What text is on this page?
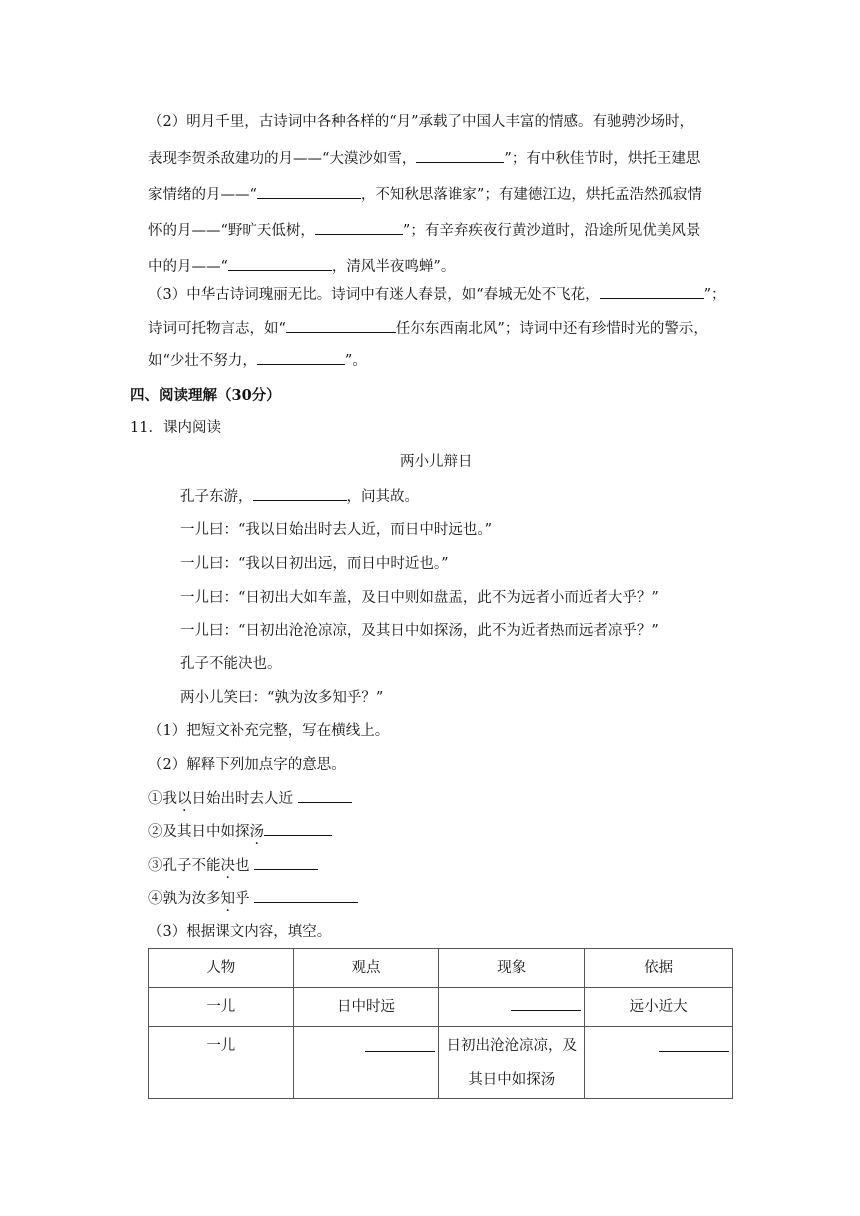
（2）明月千里，古诗词中各种各样的“月”承载了中国人丰富的情感。有驰骋沙场时，
表现李贺杀敌建功的月——“大漠沙如雪，	”；有中秋佳节时，烘托王建思
家情绪的月——“	，不知秋思落谁家”；有建德江边，烘托孟浩然孤寂情
怀的月——“野旷天低树，	”；有辛弃疾夜行黄沙道时，沿途所见优美风景
中的月——“	，清风半夜鸣蝉”。
（3）中华古诗词瑰丽无比。诗词中有迷人春景，如“春城无处不飞花，	”；
诗词可托物言志，如“	任尔东西南北风”；诗词中还有珍惜时光的警示，
如“少壮不努力，	”。
四、阅读理解（30分）
11．课内阅读
两小儿辩日
孔子东游，	，问其故。
一儿曰：“我以日始出时去人近，而日中时远也。”
一儿曰：“我以日初出远，而日中时近也。”
一儿曰：“日初出大如车盖，及日中则如盘盂，此不为远者小而近者大乎？”
一儿曰：“日初出沧沧凉凉，及其日中如探汤，此不为近者热而远者凉乎？”
孔子不能决也。
两小儿笑曰：“孰为汝多知乎？”
（1）把短文补充完整，写在横线上。
（2）解释下列加点字的意思。
①我以日始出时去人近
②及其日中如探汤
③孔子不能决也
④孰为汝多知乎
（3）根据课文内容，填空。
人物	观点	现象	依据
一儿	日中时远		远小近大

一儿		日初出沧沧凉凉，及
其日中如探汤	
